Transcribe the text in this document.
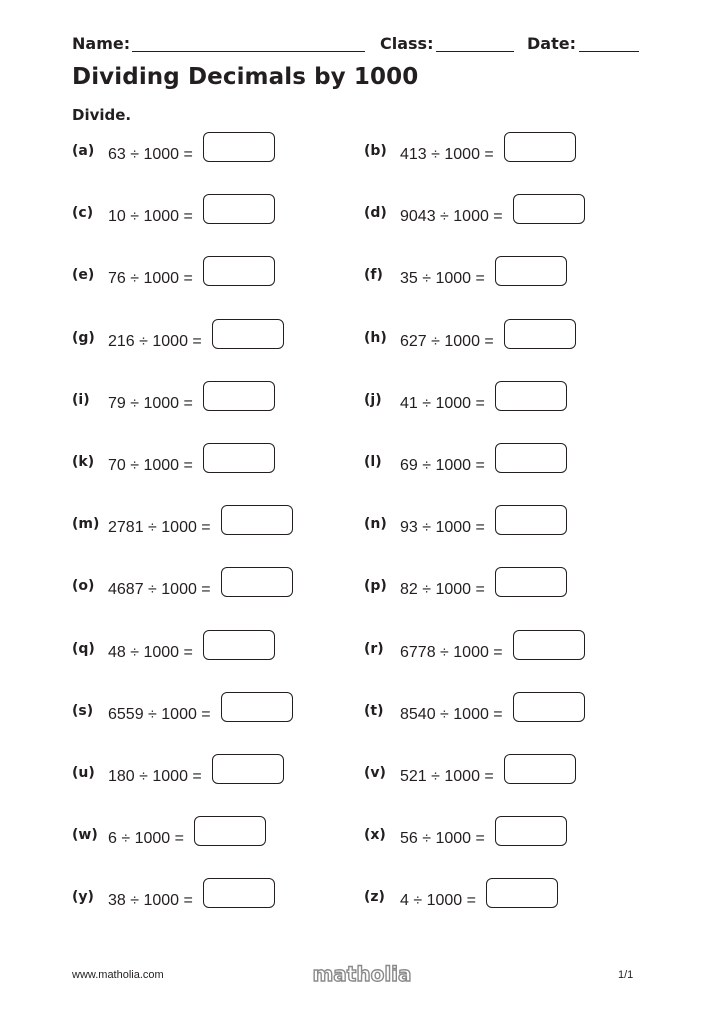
Name:	Class:	Date:
Dividing Decimals by 1000
Divide.
(a) 63 ÷ 1000 =	(b) 413 ÷ 1000 =
(c) 10 ÷ 1000 =	(d) 9043 ÷ 1000 =
(e) 76 ÷ 1000 =	(f) 35 ÷ 1000 =
(g) 216 ÷ 1000 =	(h) 627 ÷ 1000 =
(i) 79 ÷ 1000 =	(j) 41 ÷ 1000 =
(k) 70 ÷ 1000 =	(l) 69 ÷ 1000 =
(m) 2781 ÷ 1000 =	(n) 93 ÷ 1000 =
(o) 4687 ÷ 1000 =	(p) 82 ÷ 1000 =
(q) 48 ÷ 1000 =	(r) 6778 ÷ 1000 =
(s) 6559 ÷ 1000 =	(t) 8540 ÷ 1000 =
(u) 180 ÷ 1000 =	(v) 521 ÷ 1000 =
(w) 6 ÷ 1000 =	(x) 56 ÷ 1000 =
(y) 38 ÷ 1000 =	(z) 4 ÷ 1000 =
www.matholia.com	matholia	1/1
